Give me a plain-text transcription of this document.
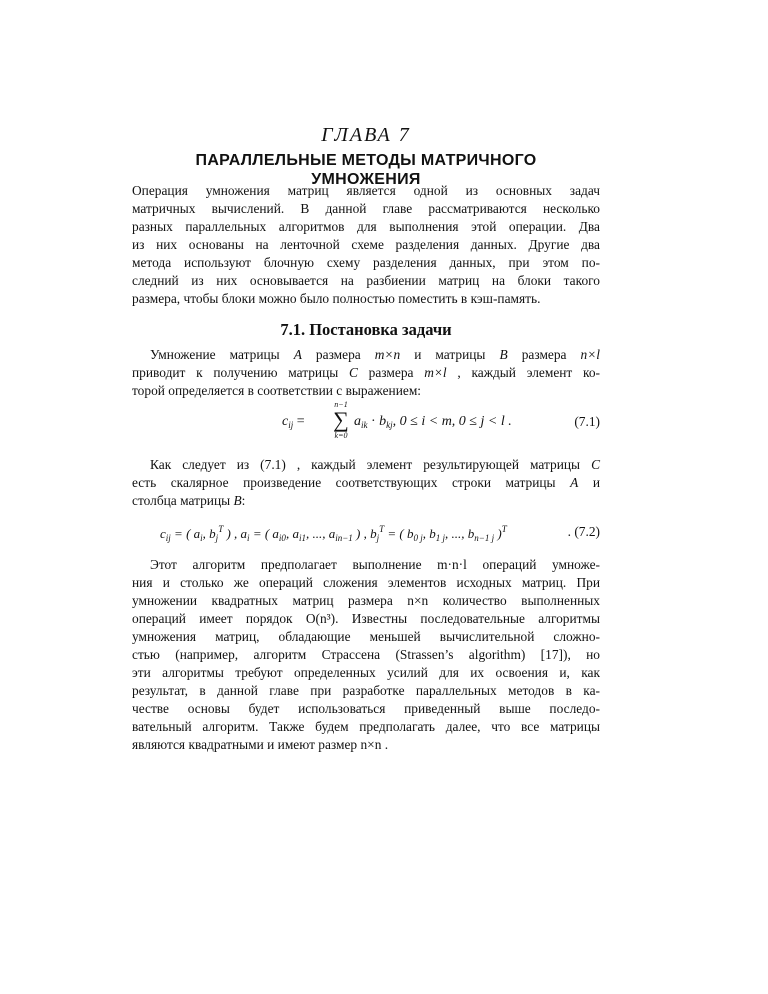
ГЛАВА 7
ПАРАЛЛЕЛЬНЫЕ МЕТОДЫ МАТРИЧНОГО
УМНОЖЕНИЯ
Операция умножения матриц является одной из основных задач
матричных вычислений. В данной главе рассматриваются несколько
разных параллельных алгоритмов для выполнения этой операции. Два
из них основаны на ленточной схеме разделения данных. Другие два
метода используют блочную схему разделения данных, при этом по-
следний из них основывается на разбиении матриц на блоки такого
размера, чтобы блоки можно было полностью поместить в кэш-память.
7.1. Постановка задачи
Умножение матрицы A размера m×n и матрицы B размера n×l
приводит к получению матрицы C размера m×l , каждый элемент ко-
торой определяется в соответствии с выражением:
$c_{ij}$ =
n−1
∑
k=0
$a_{ik} \cdot b_{kj}$, 0 ≤ i < m, 0 ≤ j < l .	(7.1)
Как следует из (7.1) , каждый элемент результирующей матрицы C
есть скалярное произведение соответствующих строки матрицы A и
столбца матрицы B:
$c_{ij}$ = ( $a_i$, $b_j^T$ ) , $a_i$ = ( $a_{i0}$, $a_{i1}$, ..., $a_{in-1}$ ) , $b_j^T$ = ( $b_{0 j}$, $b_{1 j}$, ..., $b_{n-1 j}$ )$^T$	. (7.2)
Этот алгоритм предполагает выполнение m·n·l операций умноже-
ния и столько же операций сложения элементов исходных матриц. При
умножении квадратных матриц размера n×n количество выполненных
операций имеет порядок O(n³). Известны последовательные алгоритмы
умножения матриц, обладающие меньшей вычислительной сложно-
стью (например, алгоритм Страссена (Strassen’s algorithm) [17]), но
эти алгоритмы требуют определенных усилий для их освоения и, как
результат, в данной главе при разработке параллельных методов в ка-
честве основы будет использоваться приведенный выше последо-
вательный алгоритм. Также будем предполагать далее, что все матрицы
являются квадратными и имеют размер n×n .
